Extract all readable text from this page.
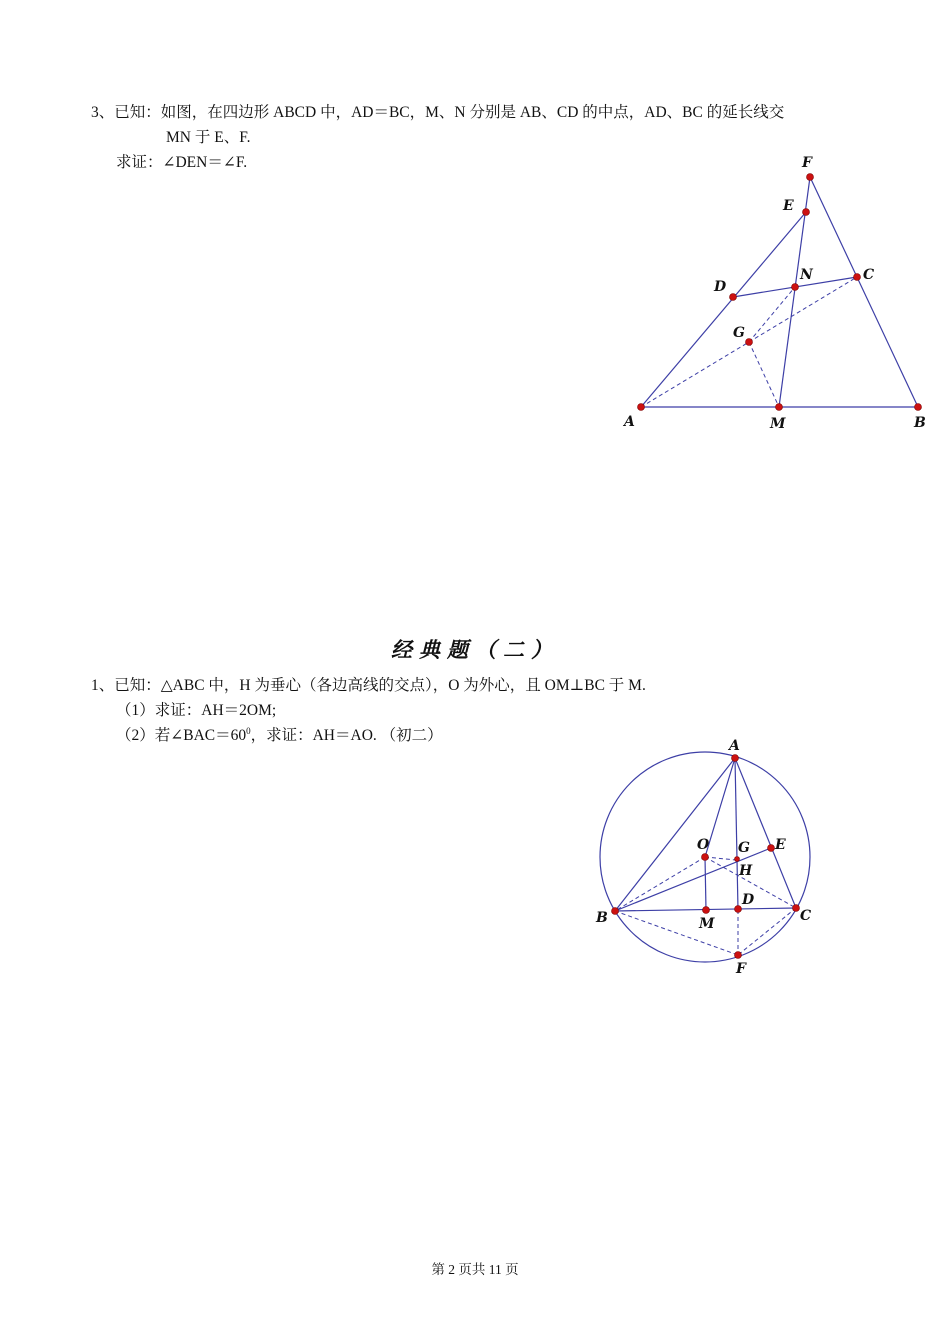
3、已知：如图，在四边形 ABCD 中，AD＝BC，M、N 分别是 AB、CD 的中点，AD、BC 的延长线交
MN 于 E、F.
求证：∠DEN＝∠F.
A	B
C
D
E
F
G
M
N
A
B	C
D
E
F
G
H
O
M
经典题（二）
1、已知：△ABC 中，H 为垂心（各边高线的交点），O 为外心，且 OM⊥BC 于 M.
（1）求证：AH＝2OM;
（2）若$\angle BAC=60^0$，求证：AH＝AO. （初二）
第 2 页共 11 页
